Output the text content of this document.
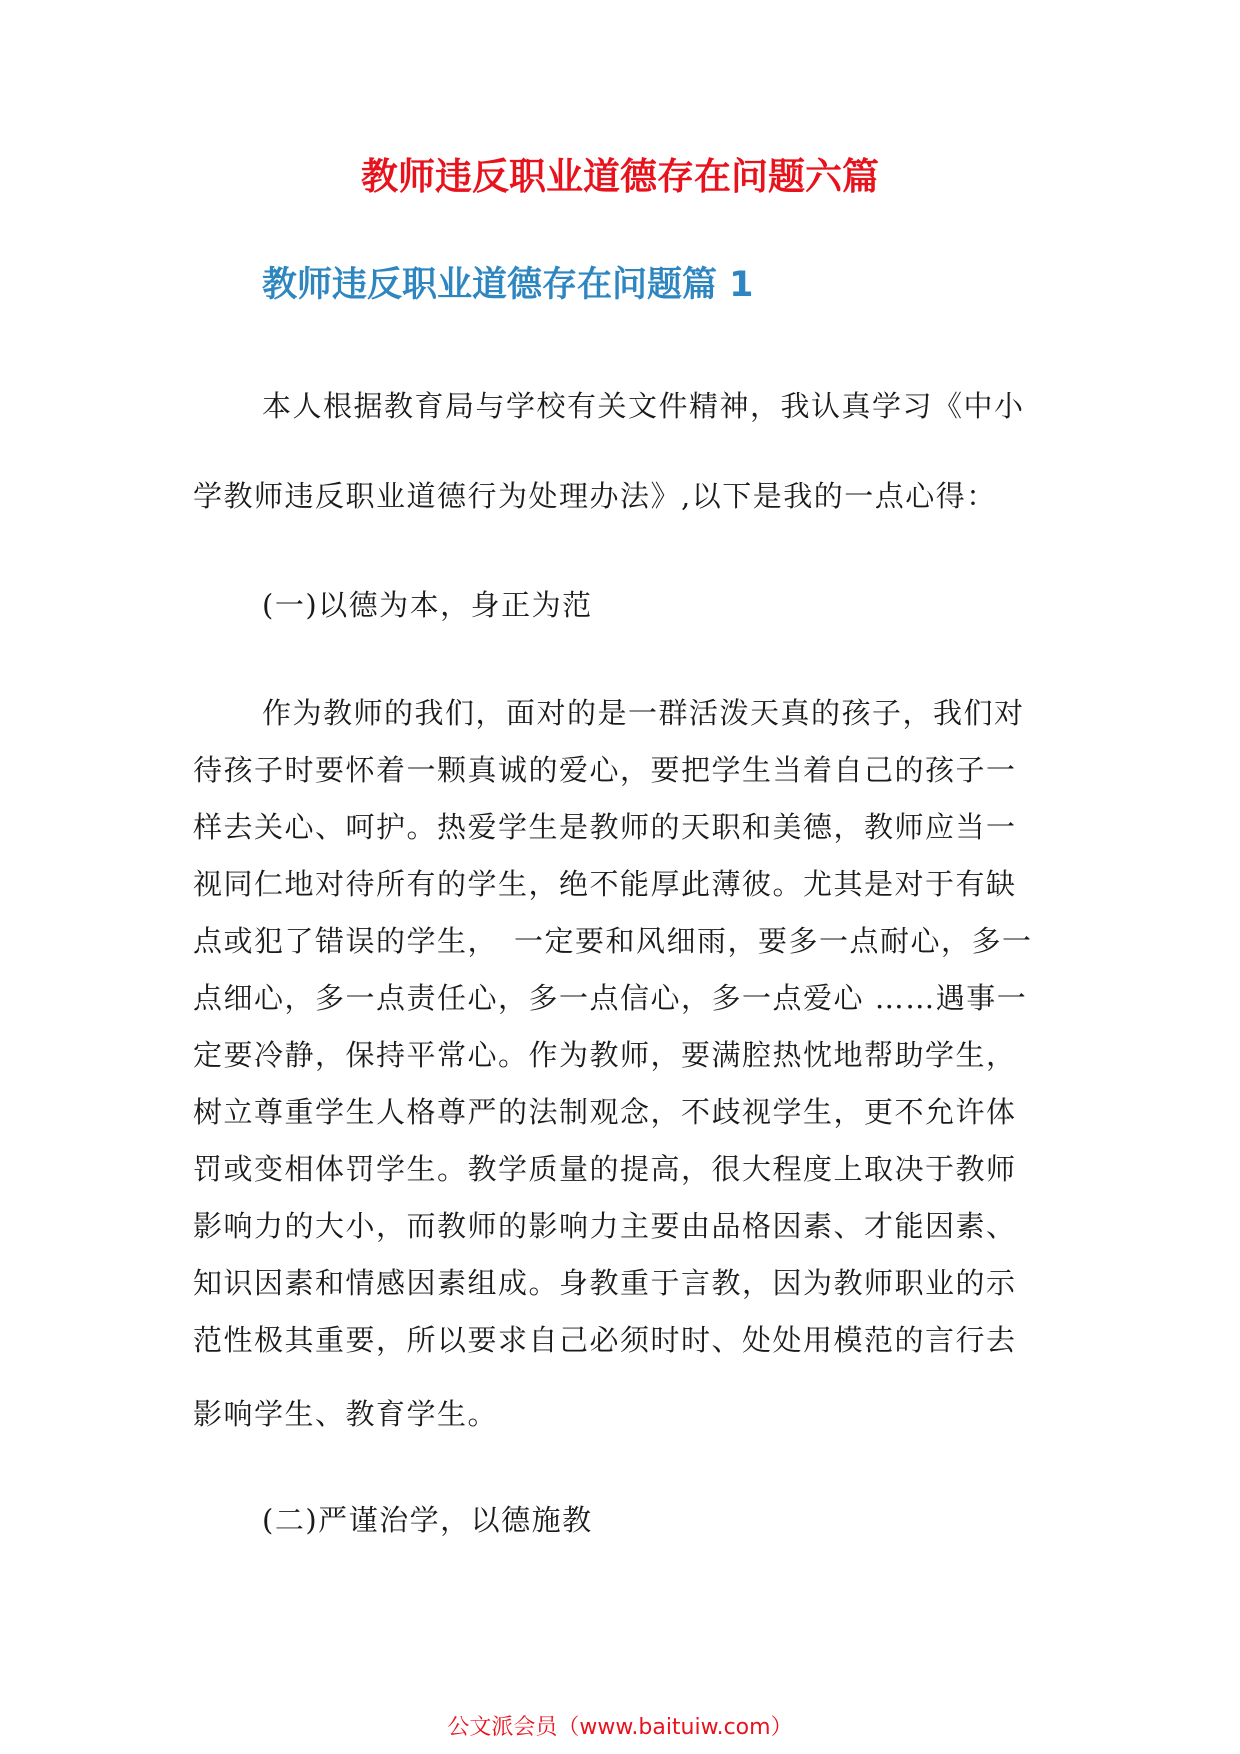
教师违反职业道德存在问题六篇
教师违反职业道德存在问题篇 1

本人根据教育局与学校有关文件精神，我认真学习《中小

学教师违反职业道德行为处理办法》,以下是我的一点心得：

(一)以德为本，身正为范

作为教师的我们，面对的是一群活泼天真的孩子，我们对

待孩子时要怀着一颗真诚的爱心，要把学生当着自己的孩子一

样去关心、呵护。热爱学生是教师的天职和美德，教师应当一

视同仁地对待所有的学生，绝不能厚此薄彼。尤其是对于有缺

点或犯了错误的学生，　一定要和风细雨，要多一点耐心，多一

点细心，多一点责任心，多一点信心，多一点爱心 ……遇事一

定要冷静，保持平常心。作为教师，要满腔热忱地帮助学生，

树立尊重学生人格尊严的法制观念，不歧视学生，更不允许体

罚或变相体罚学生。教学质量的提高，很大程度上取决于教师

影响力的大小，而教师的影响力主要由品格因素、才能因素、

知识因素和情感因素组成。身教重于言教，因为教师职业的示

范性极其重要，所以要求自己必须时时、处处用模范的言行去

影响学生、教育学生。

(二)严谨治学，以德施教

公文派会员（www.baituiw.com）
